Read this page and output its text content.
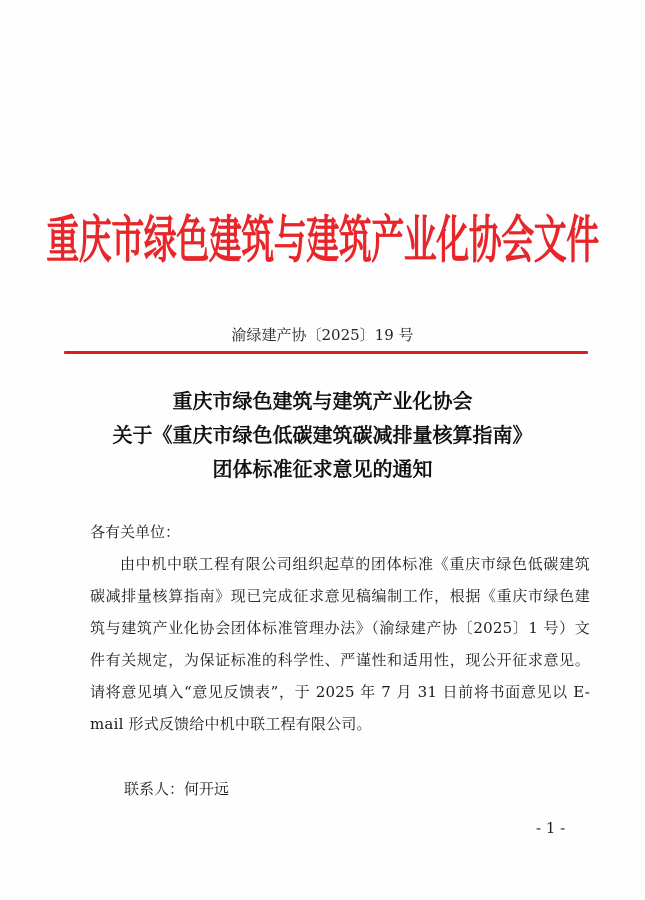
重庆市绿色建筑与建筑产业化协会文件
渝绿建产协〔2025〕19 号
重庆市绿色建筑与建筑产业化协会
关于《重庆市绿色低碳建筑碳减排量核算指南》
团体标准征求意见的通知
各有关单位：

由中机中联工程有限公司组织起草的团体标准《重庆市绿色低碳建筑碳减排量核算指南》现已完成征求意见稿编制工作，根据《重庆市绿色建筑与建筑产业化协会团体标准管理办法》（渝绿建产协〔2025〕1 号）文件有关规定，为保证标准的科学性、严谨性和适用性，现公开征求意见。请将意见填入“意见反馈表”，于 2025 年 7 月 31 日前将书面意见以 E-mail 形式反馈给中机中联工程有限公司。

联系人：何开远
- 1 -
